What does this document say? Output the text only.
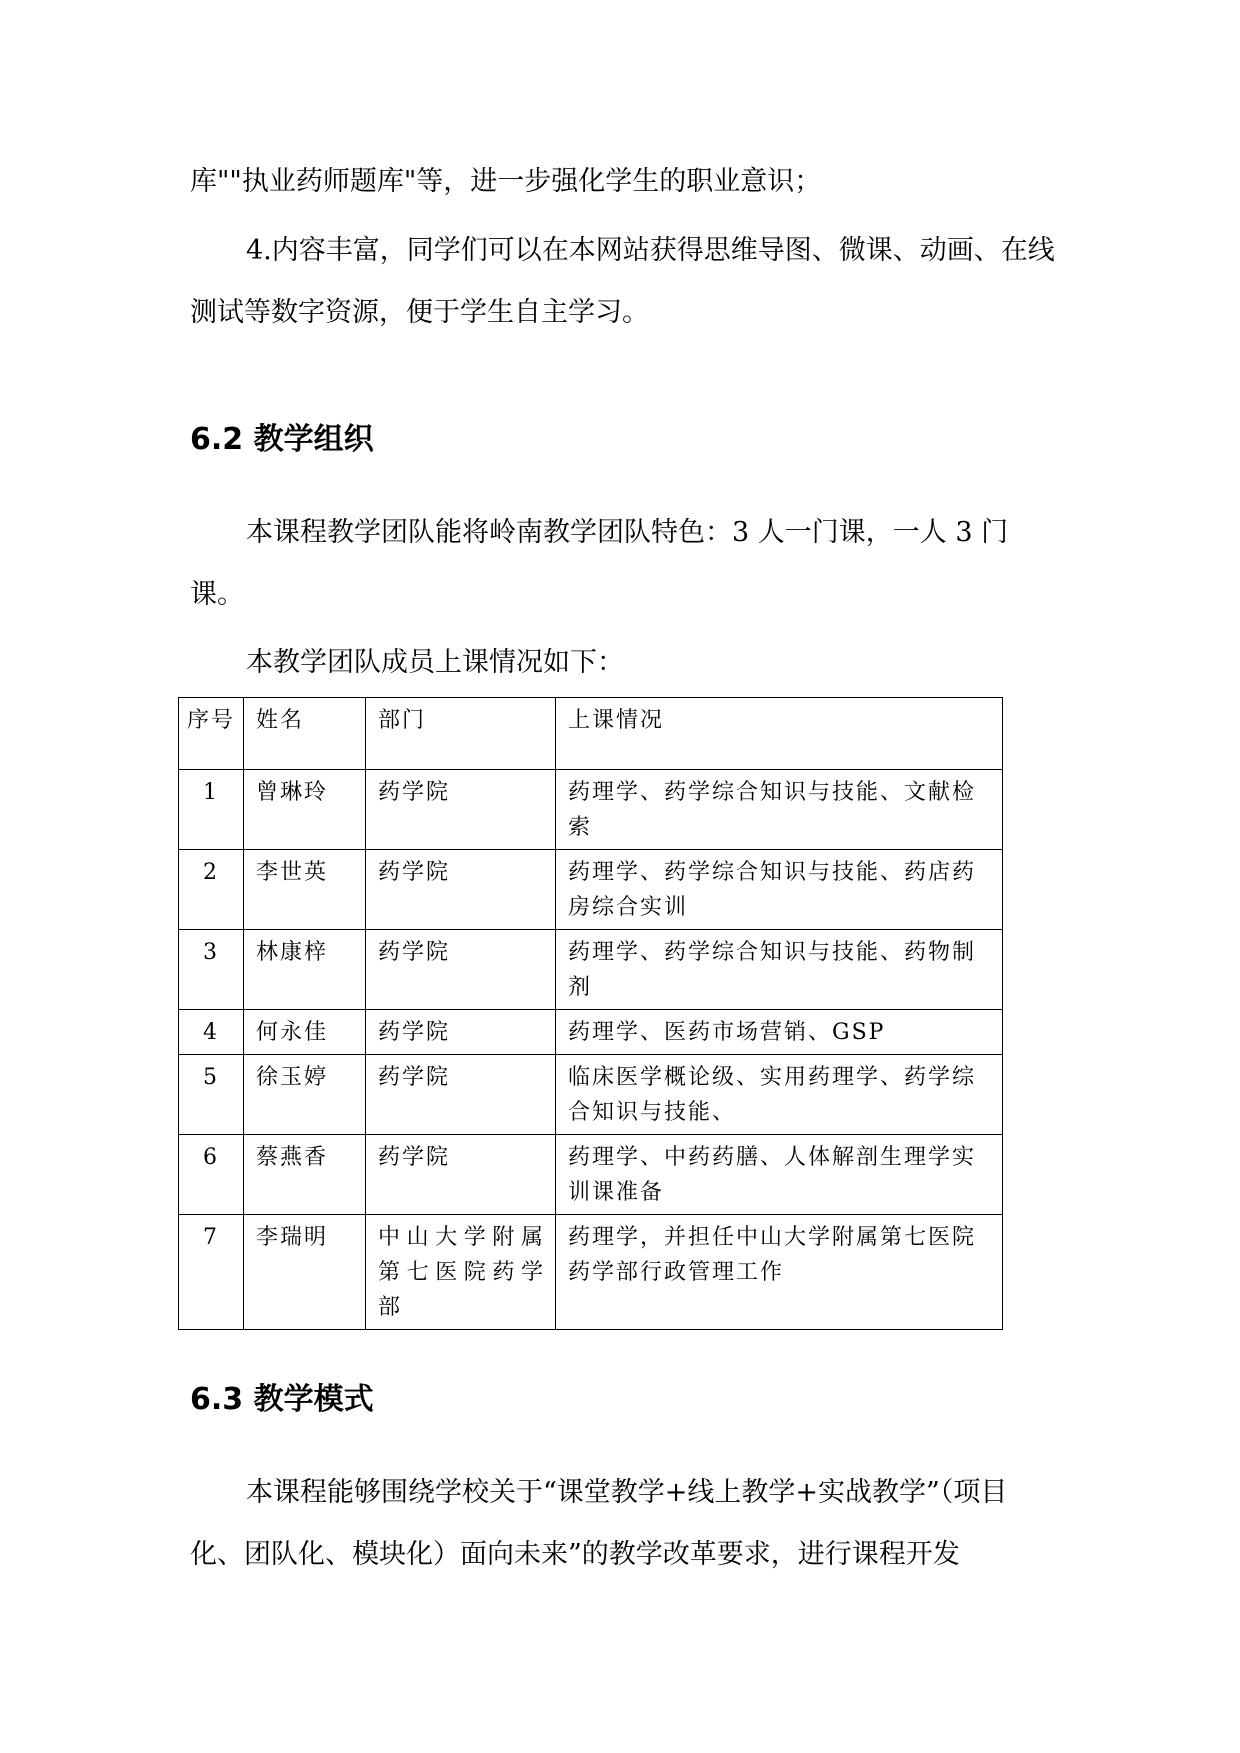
库""执业药师题库"等，进一步强化学生的职业意识；

4.内容丰富，同学们可以在本网站获得思维导图、微课、动画、在线测试等数字资源，便于学生自主学习。

6.2 教学组织

本课程教学团队能将岭南教学团队特色：3 人一门课，一人 3 门课。

本教学团队成员上课情况如下：

序号	姓名	部门	上课情况
1	曾琳玲	药学院	药理学、药学综合知识与技能、文献检索
2	李世英	药学院	药理学、药学综合知识与技能、药店药房综合实训
3	林康梓	药学院	药理学、药学综合知识与技能、药物制剂
4	何永佳	药学院	药理学、医药市场营销、GSP
5	徐玉婷	药学院	临床医学概论级、实用药理学、药学综合知识与技能、
6	蔡燕香	药学院	药理学、中药药膳、人体解剖生理学实训课准备
7	李瑞明	中山大学附属第七医院药学部	药理学，并担任中山大学附属第七医院药学部行政管理工作
6.3 教学模式

本课程能够围绕学校关于“课堂教学+线上教学+实战教学”（项目化、团队化、模块化）面向未来”的教学改革要求，进行课程开发
